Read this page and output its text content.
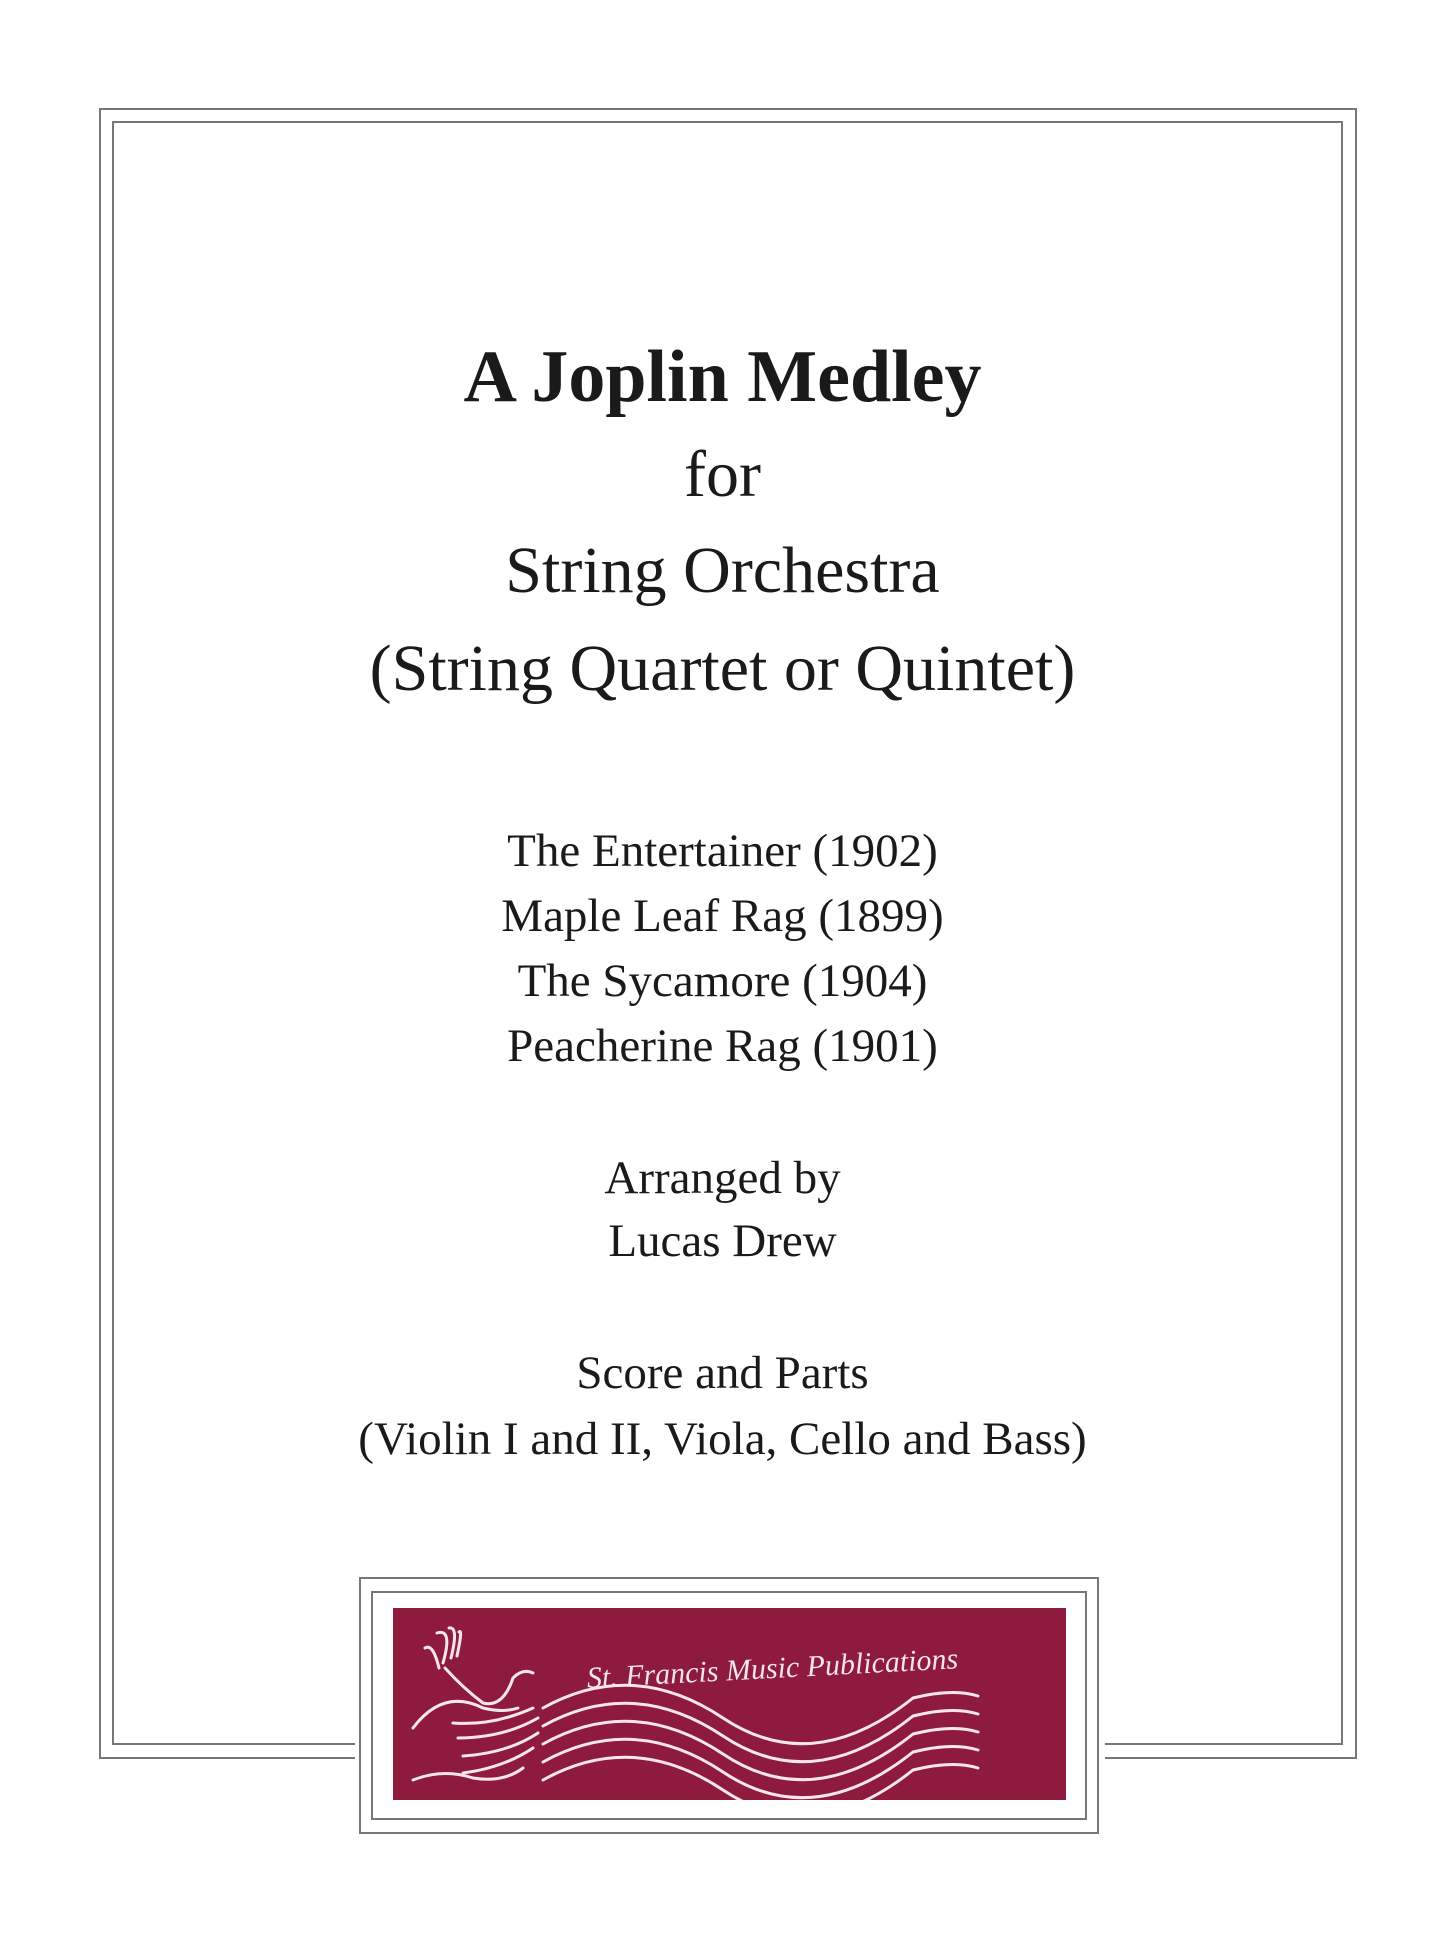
A Joplin Medley
for
String Orchestra
(String Quartet or Quintet)
The Entertainer (1902)
Maple Leaf Rag (1899)
The Sycamore (1904)
Peacherine Rag (1901)
Arranged by
Lucas Drew
Score and Parts
(Violin I and II, Viola, Cello and Bass)
St. Francis Music Publications
